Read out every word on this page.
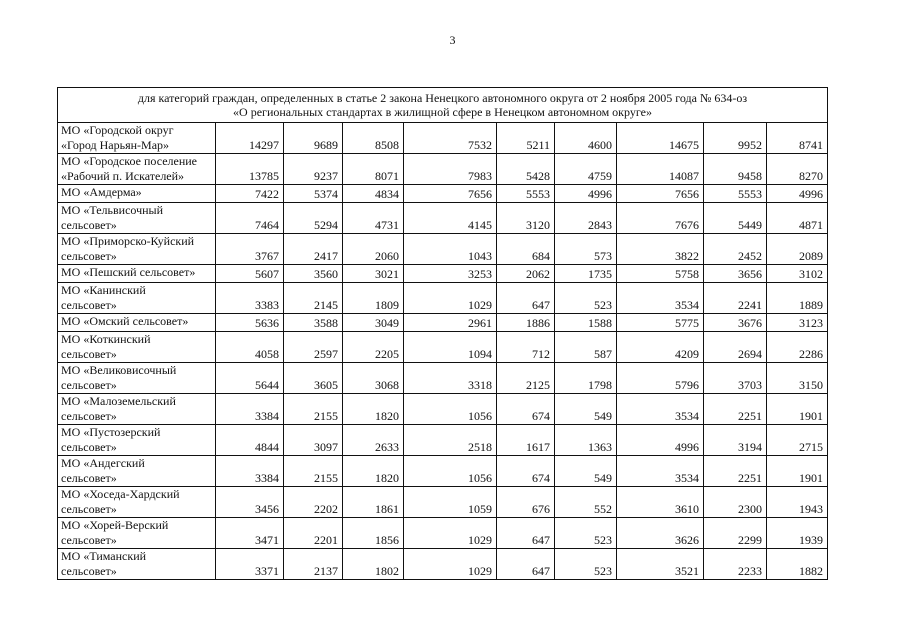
3
для категорий граждан, определенных в статье 2 закона Ненецкого автономного округа от 2 ноября 2005 года № 634-оз
«О региональных стандартах в жилищной сфере в Ненецком автономном округе»									

МО «Городской округ
«Город Нарьян-Мар»	14297	9689	8508	7532	5211	4600	14675	9952	8741
МО «Городское поселение
«Рабочий п. Искателей»	13785	9237	8071	7983	5428	4759	14087	9458	8270
МО «Амдерма»	7422	5374	4834	7656	5553	4996	7656	5553	4996
МО «Тельвисочный
сельсовет»	7464	5294	4731	4145	3120	2843	7676	5449	4871
МО «Приморско-Куйский
сельсовет»	3767	2417	2060	1043	684	573	3822	2452	2089
МО «Пешский сельсовет»	5607	3560	3021	3253	2062	1735	5758	3656	3102
МО «Канинский
сельсовет»	3383	2145	1809	1029	647	523	3534	2241	1889
МО «Омский сельсовет»	5636	3588	3049	2961	1886	1588	5775	3676	3123
МО «Коткинский
сельсовет»	4058	2597	2205	1094	712	587	4209	2694	2286
МО «Великовисочный
сельсовет»	5644	3605	3068	3318	2125	1798	5796	3703	3150
МО «Малоземельский
сельсовет»	3384	2155	1820	1056	674	549	3534	2251	1901
МО «Пустозерский
сельсовет»	4844	3097	2633	2518	1617	1363	4996	3194	2715
МО «Андегский
сельсовет»	3384	2155	1820	1056	674	549	3534	2251	1901
МО «Хоседа-Хардский
сельсовет»	3456	2202	1861	1059	676	552	3610	2300	1943
МО «Хорей-Верский
сельсовет»	3471	2201	1856	1029	647	523	3626	2299	1939
МО «Тиманский
сельсовет»	3371	2137	1802	1029	647	523	3521	2233	1882
